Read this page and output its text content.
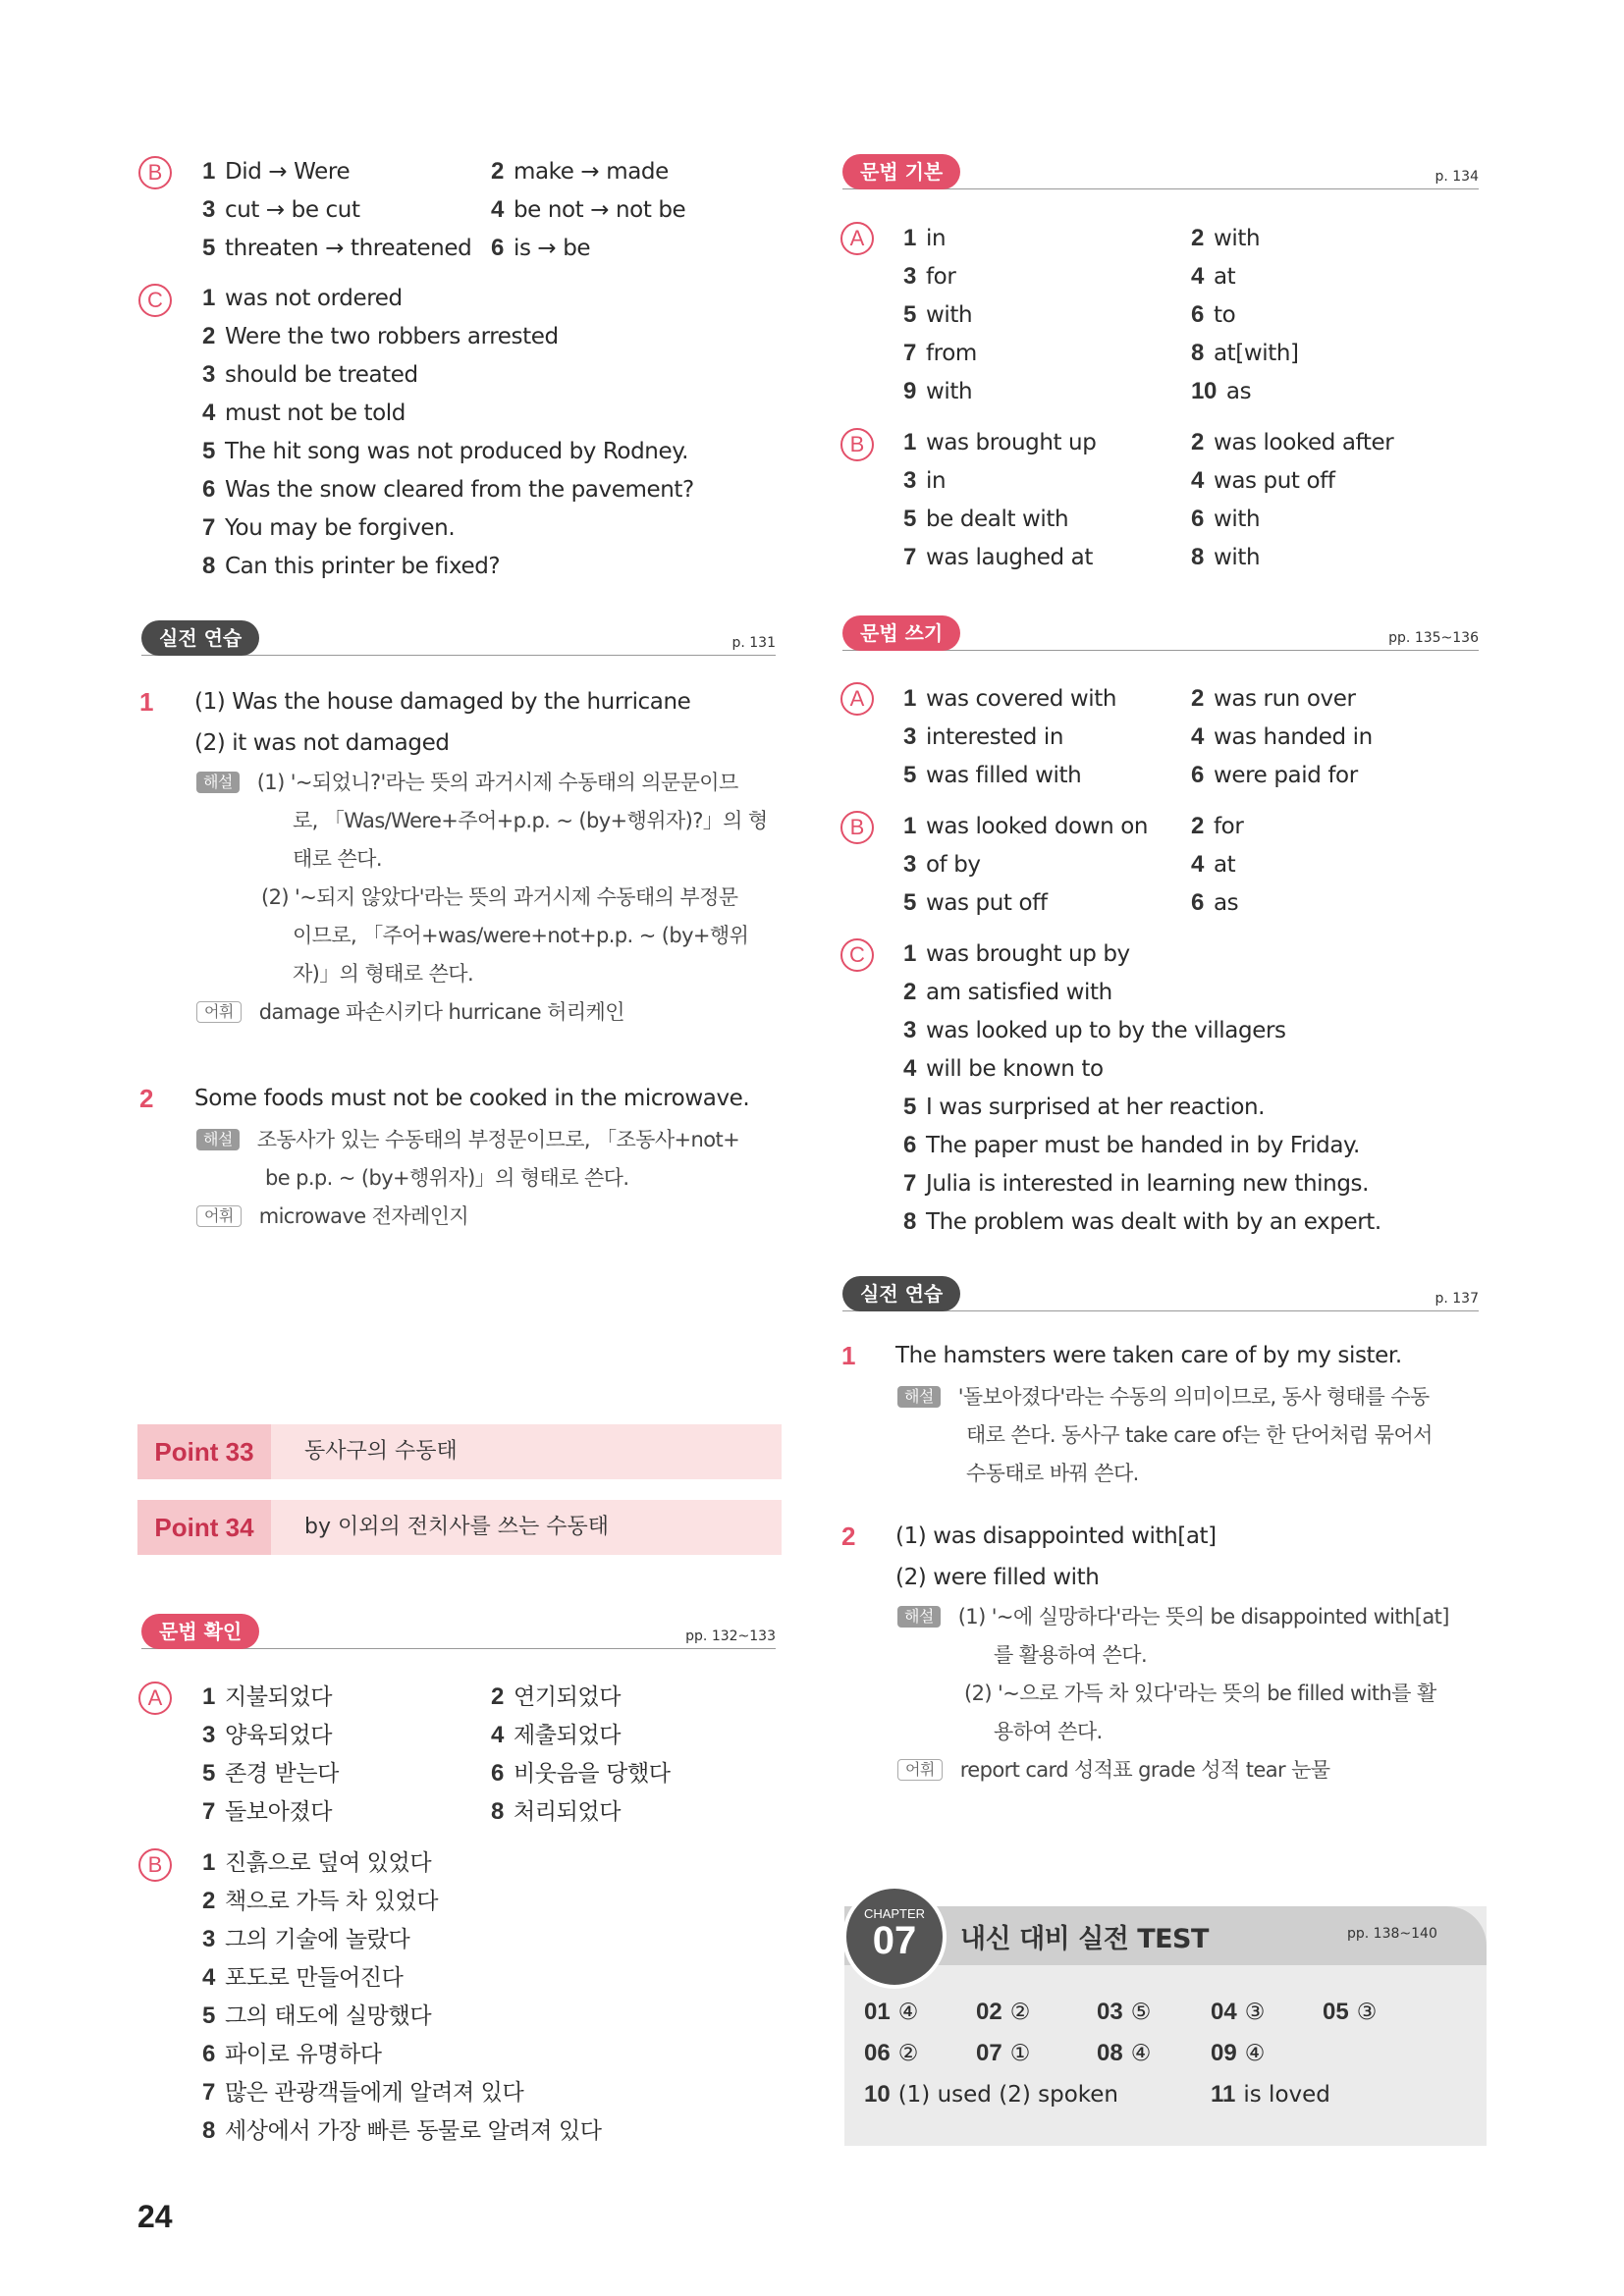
B	1 Did → Were	2 make → made
3 cut → be cut	4 be not → not be
5 threaten → threatened 6 is → be
C	1 was not ordered
2 Were the two robbers arrested
3 should be treated
4 must not be told
5 The hit song was not produced by Rodney.
6 Was the snow cleared from the pavement?
7 You may be forgiven.
8 Can this printer be fixed?
실전 연습	p. 131
1 (1) Was the house damaged by the hurricane
(2) it was not damaged
해설 (1) '~되었니?'라는 뜻의 과거시제 수동태의 의문문이므
로, 「Was/Were+주어+p.p. ~ (by+행위자)?」의 형
태로 쓴다.
(2) '~되지 않았다'라는 뜻의 과거시제 수동태의 부정문
이므로, 「주어+was/were+not+p.p. ~ (by+행위
자)」의 형태로 쓴다.
어휘 damage 파손시키다 hurricane 허리케인
2 Some foods must not be cooked in the microwave.
해설 조동사가 있는 수동태의 부정문이므로, 「조동사+not+
be p.p. ~ (by+행위자)」의 형태로 쓴다.
어휘 microwave 전자레인지
Point 33	동사구의 수동태
Point 34	by 이외의 전치사를 쓰는 수동태
문법 확인	pp. 132~133
A	1 지불되었다	2 연기되었다
3 양육되었다	4 제출되었다
5 존경 받는다	6 비웃음을 당했다
7 돌보아졌다	8 처리되었다
B	1 진흙으로 덮여 있었다
2 책으로 가득 차 있었다
3 그의 기술에 놀랐다
4 포도로 만들어진다
5 그의 태도에 실망했다
6 파이로 유명하다
7 많은 관광객들에게 알려져 있다
8 세상에서 가장 빠른 동물로 알려져 있다
24
문법 기본	p. 134
A	1 in	2 with
3 for	4 at
5 with	6 to
7 from	8 at[with]
9 with	10 as
B	1 was brought up	2 was looked after
3 in	4 was put off
5 be dealt with	6 with
7 was laughed at	8 with
문법 쓰기	pp. 135~136
A	1 was covered with	2 was run over
3 interested in	4 was handed in
5 was filled with	6 were paid for
B	1 was looked down on 2 for
3 of by	4 at
5 was put off	6 as
C	1 was brought up by
2 am satisfied with
3 was looked up to by the villagers
4 will be known to
5 I was surprised at her reaction.
6 The paper must be handed in by Friday.
7 Julia is interested in learning new things.
8 The problem was dealt with by an expert.
실전 연습	p. 137
1 The hamsters were taken care of by my sister.
해설 '돌보아졌다'라는 수동의 의미이므로, 동사 형태를 수동
태로 쓴다. 동사구 take care of는 한 단어처럼 묶어서
수동태로 바꿔 쓴다.
2 (1) was disappointed with[at]
(2) were filled with
해설 (1) '~에 실망하다'라는 뜻의 be disappointed with[at]
를 활용하여 쓴다.
(2) '~으로 가득 차 있다'라는 뜻의 be filled with를 활
용하여 쓴다.
어휘 report card 성적표 grade 성적 tear 눈물
CHAPTER
07	내신 대비 실전 TEST	pp. 138~140
01 ④ 02 ②	03 ⑤	04 ③ 05 ③
06 ② 07 ①	08 ④	09 ④
10 (1) used (2) spoken	11 is loved
